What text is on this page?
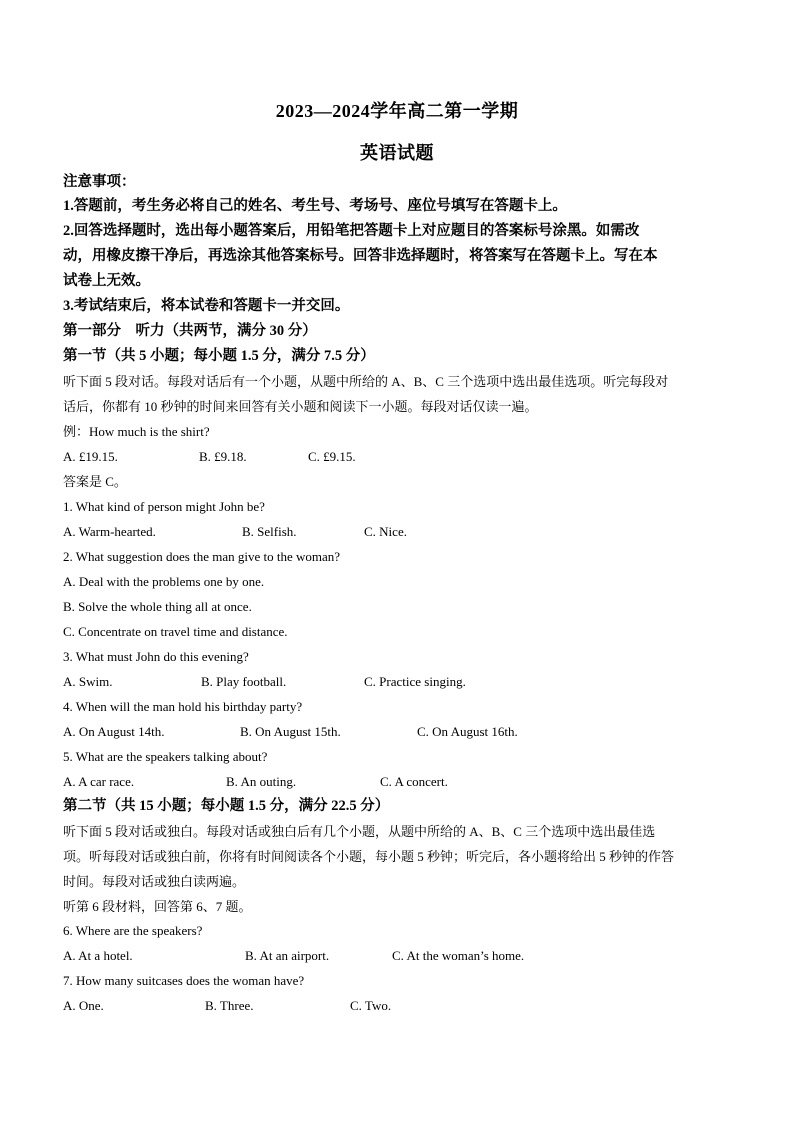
2023—2024学年高二第一学期
英语试题
注意事项：
1.答题前，考生务必将自己的姓名、考生号、考场号、座位号填写在答题卡上。
2.回答选择题时，选出每小题答案后，用铅笔把答题卡上对应题目的答案标号涂黑。如需改
动，用橡皮擦干净后，再选涂其他答案标号。回答非选择题时，将答案写在答题卡上。写在本
试卷上无效。
3.考试结束后，将本试卷和答题卡一并交回。
第一部分　听力（共两节，满分 30 分）
第一节（共 5 小题；每小题 1.5 分，满分 7.5 分）
听下面 5 段对话。每段对话后有一个小题，从题中所给的 A、B、C 三个选项中选出最佳选项。听完每段对
话后，你都有 10 秒钟的时间来回答有关小题和阅读下一小题。每段对话仅读一遍。
例：How much is the shirt?
A. £19.15.	B. £9.18.	C. £9.15.
答案是 C。
1. What kind of person might John be?
A. Warm-hearted.	B. Selfish.	C. Nice.
2. What suggestion does the man give to the woman?
A. Deal with the problems one by one.
B. Solve the whole thing all at once.
C. Concentrate on travel time and distance.
3. What must John do this evening?
A. Swim.	B. Play football.	C. Practice singing.
4. When will the man hold his birthday party?
A. On August 14th.	B. On August 15th.	C. On August 16th.
5. What are the speakers talking about?
A. A car race.	B. An outing.	C. A concert.
第二节（共 15 小题；每小题 1.5 分，满分 22.5 分）
听下面 5 段对话或独白。每段对话或独白后有几个小题，从题中所给的 A、B、C 三个选项中选出最佳选
项。听每段对话或独白前，你将有时间阅读各个小题，每小题 5 秒钟；听完后，各小题将给出 5 秒钟的作答
时间。每段对话或独白读两遍。
听第 6 段材料，回答第 6、7 题。
6. Where are the speakers?
A. At a hotel.	B. At an airport.	C. At the woman’s home.
7. How many suitcases does the woman have?
A. One.	B. Three.	C. Two.
